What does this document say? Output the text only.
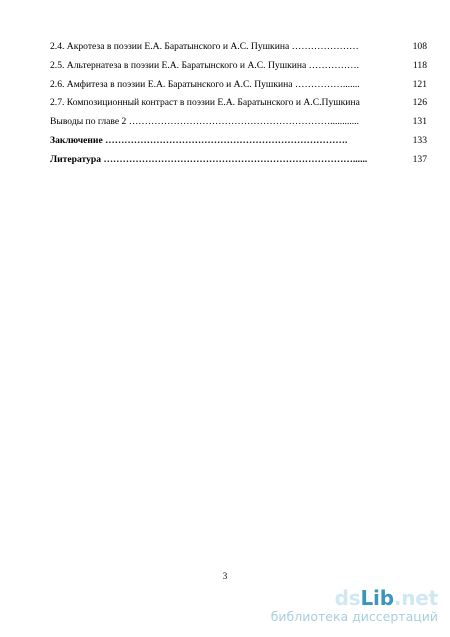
2.4. Акротеза в поэзии Е.А. Баратынского и А.С. Пушкина …………………	108
2.5. Альтернатеза в поэзии Е.А. Баратынского и А.С. Пушкина …………….	118
2.6. Амфитеза в поэзии Е.А. Баратынского и А.С. Пушкина …………….......	121
2.7. Композиционный контраст в поэзии Е.А. Баратынского и А.С.Пушкина	126
Выводы по главе 2 ………………………………………………………............	131
Заключение ………………………………………………………………….	133
Литература ……………………………………………………………………......	137
3
dsLib.net
библиотека диссертаций
